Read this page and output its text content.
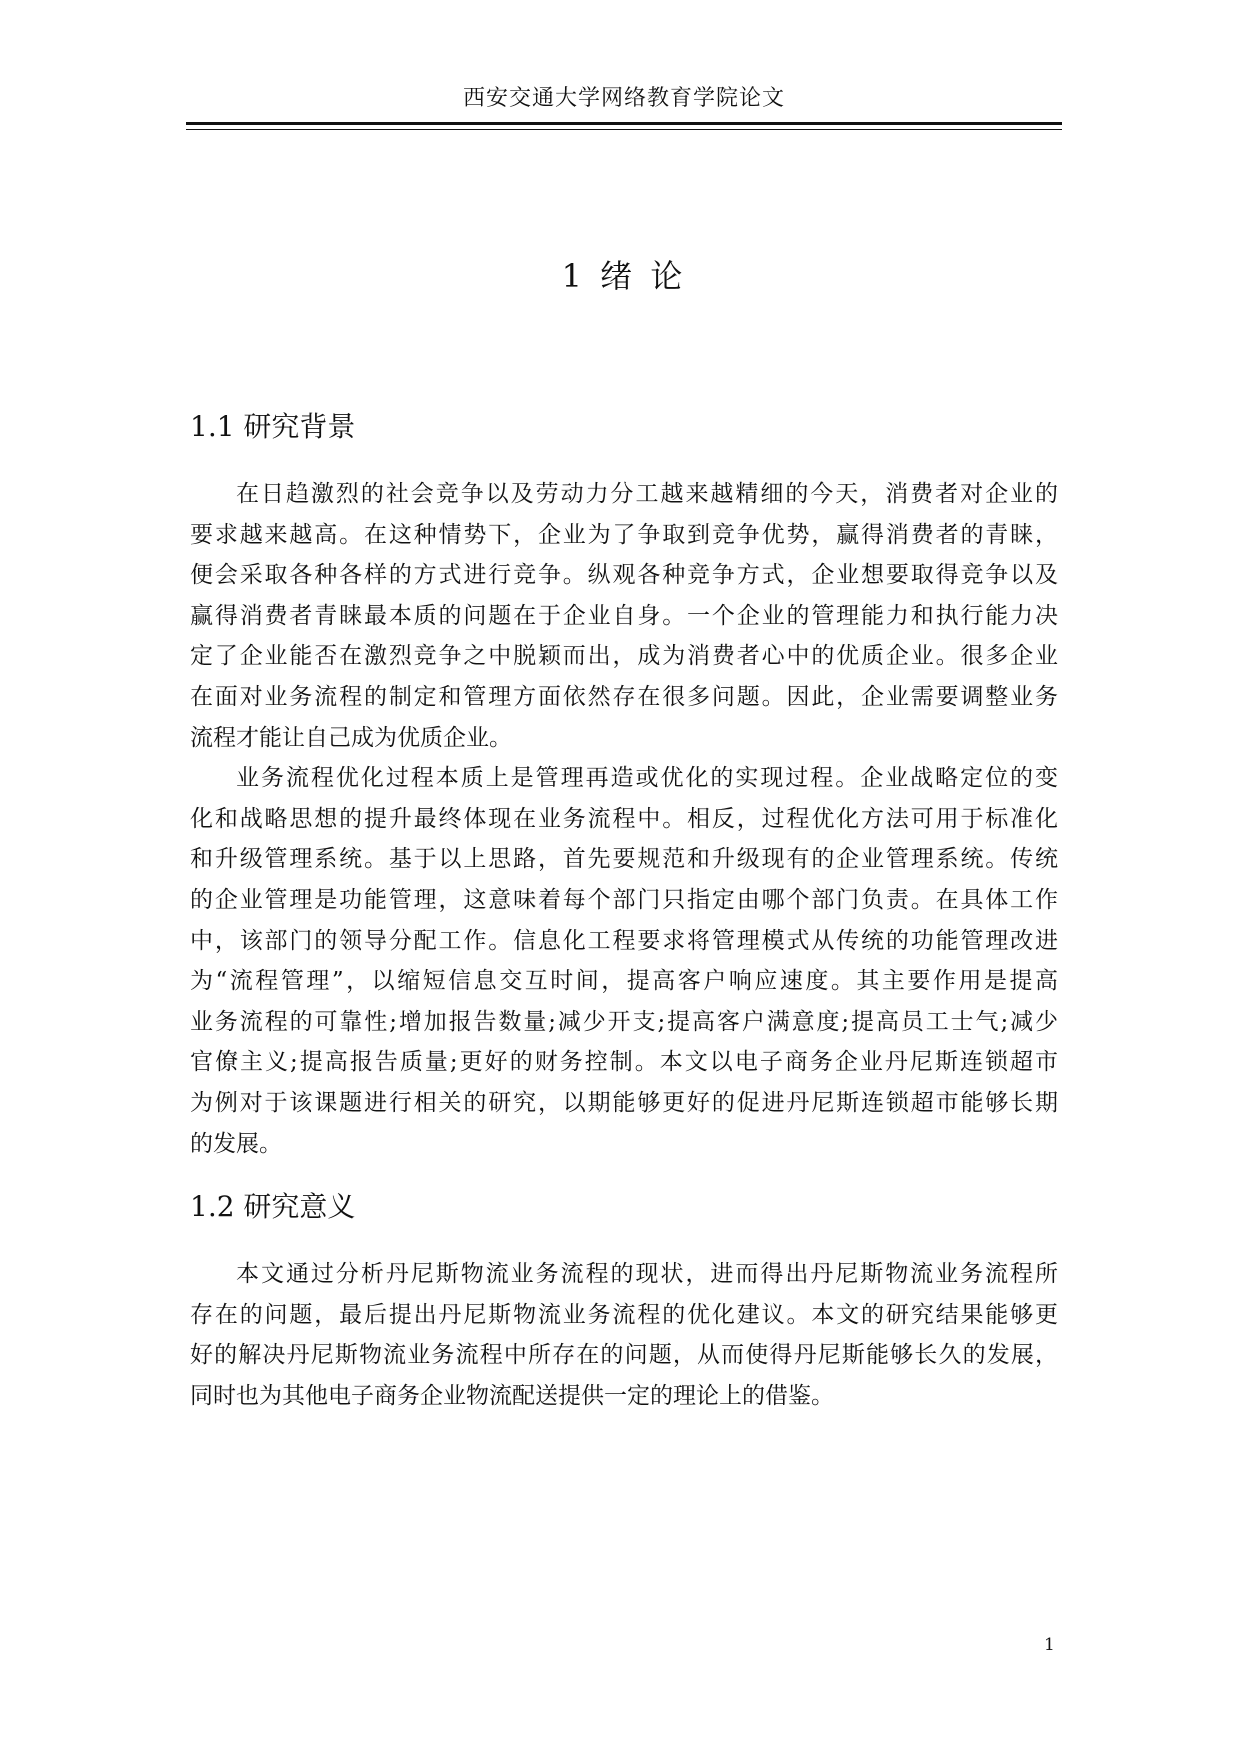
西安交通大学网络教育学院论文
1 绪 论
1.1 研究背景
在日趋激烈的社会竞争以及劳动力分工越来越精细的今天，消费者对企业的
要求越来越高。在这种情势下，企业为了争取到竞争优势，赢得消费者的青睐，
便会采取各种各样的方式进行竞争。纵观各种竞争方式，企业想要取得竞争以及
赢得消费者青睐最本质的问题在于企业自身。一个企业的管理能力和执行能力决
定了企业能否在激烈竞争之中脱颖而出，成为消费者心中的优质企业。很多企业
在面对业务流程的制定和管理方面依然存在很多问题。因此，企业需要调整业务
流程才能让自己成为优质企业。
业务流程优化过程本质上是管理再造或优化的实现过程。企业战略定位的变
化和战略思想的提升最终体现在业务流程中。相反，过程优化方法可用于标准化
和升级管理系统。基于以上思路，首先要规范和升级现有的企业管理系统。传统
的企业管理是功能管理，这意味着每个部门只指定由哪个部门负责。在具体工作
中，该部门的领导分配工作。信息化工程要求将管理模式从传统的功能管理改进
为“流程管理”，以缩短信息交互时间，提高客户响应速度。其主要作用是提高
业务流程的可靠性;增加报告数量;减少开支;提高客户满意度;提高员工士气;减少
官僚主义;提高报告质量;更好的财务控制。本文以电子商务企业丹尼斯连锁超市
为例对于该课题进行相关的研究，以期能够更好的促进丹尼斯连锁超市能够长期
的发展。
1.2 研究意义
本文通过分析丹尼斯物流业务流程的现状，进而得出丹尼斯物流业务流程所
存在的问题，最后提出丹尼斯物流业务流程的优化建议。本文的研究结果能够更
好的解决丹尼斯物流业务流程中所存在的问题，从而使得丹尼斯能够长久的发展，
同时也为其他电子商务企业物流配送提供一定的理论上的借鉴。
1
